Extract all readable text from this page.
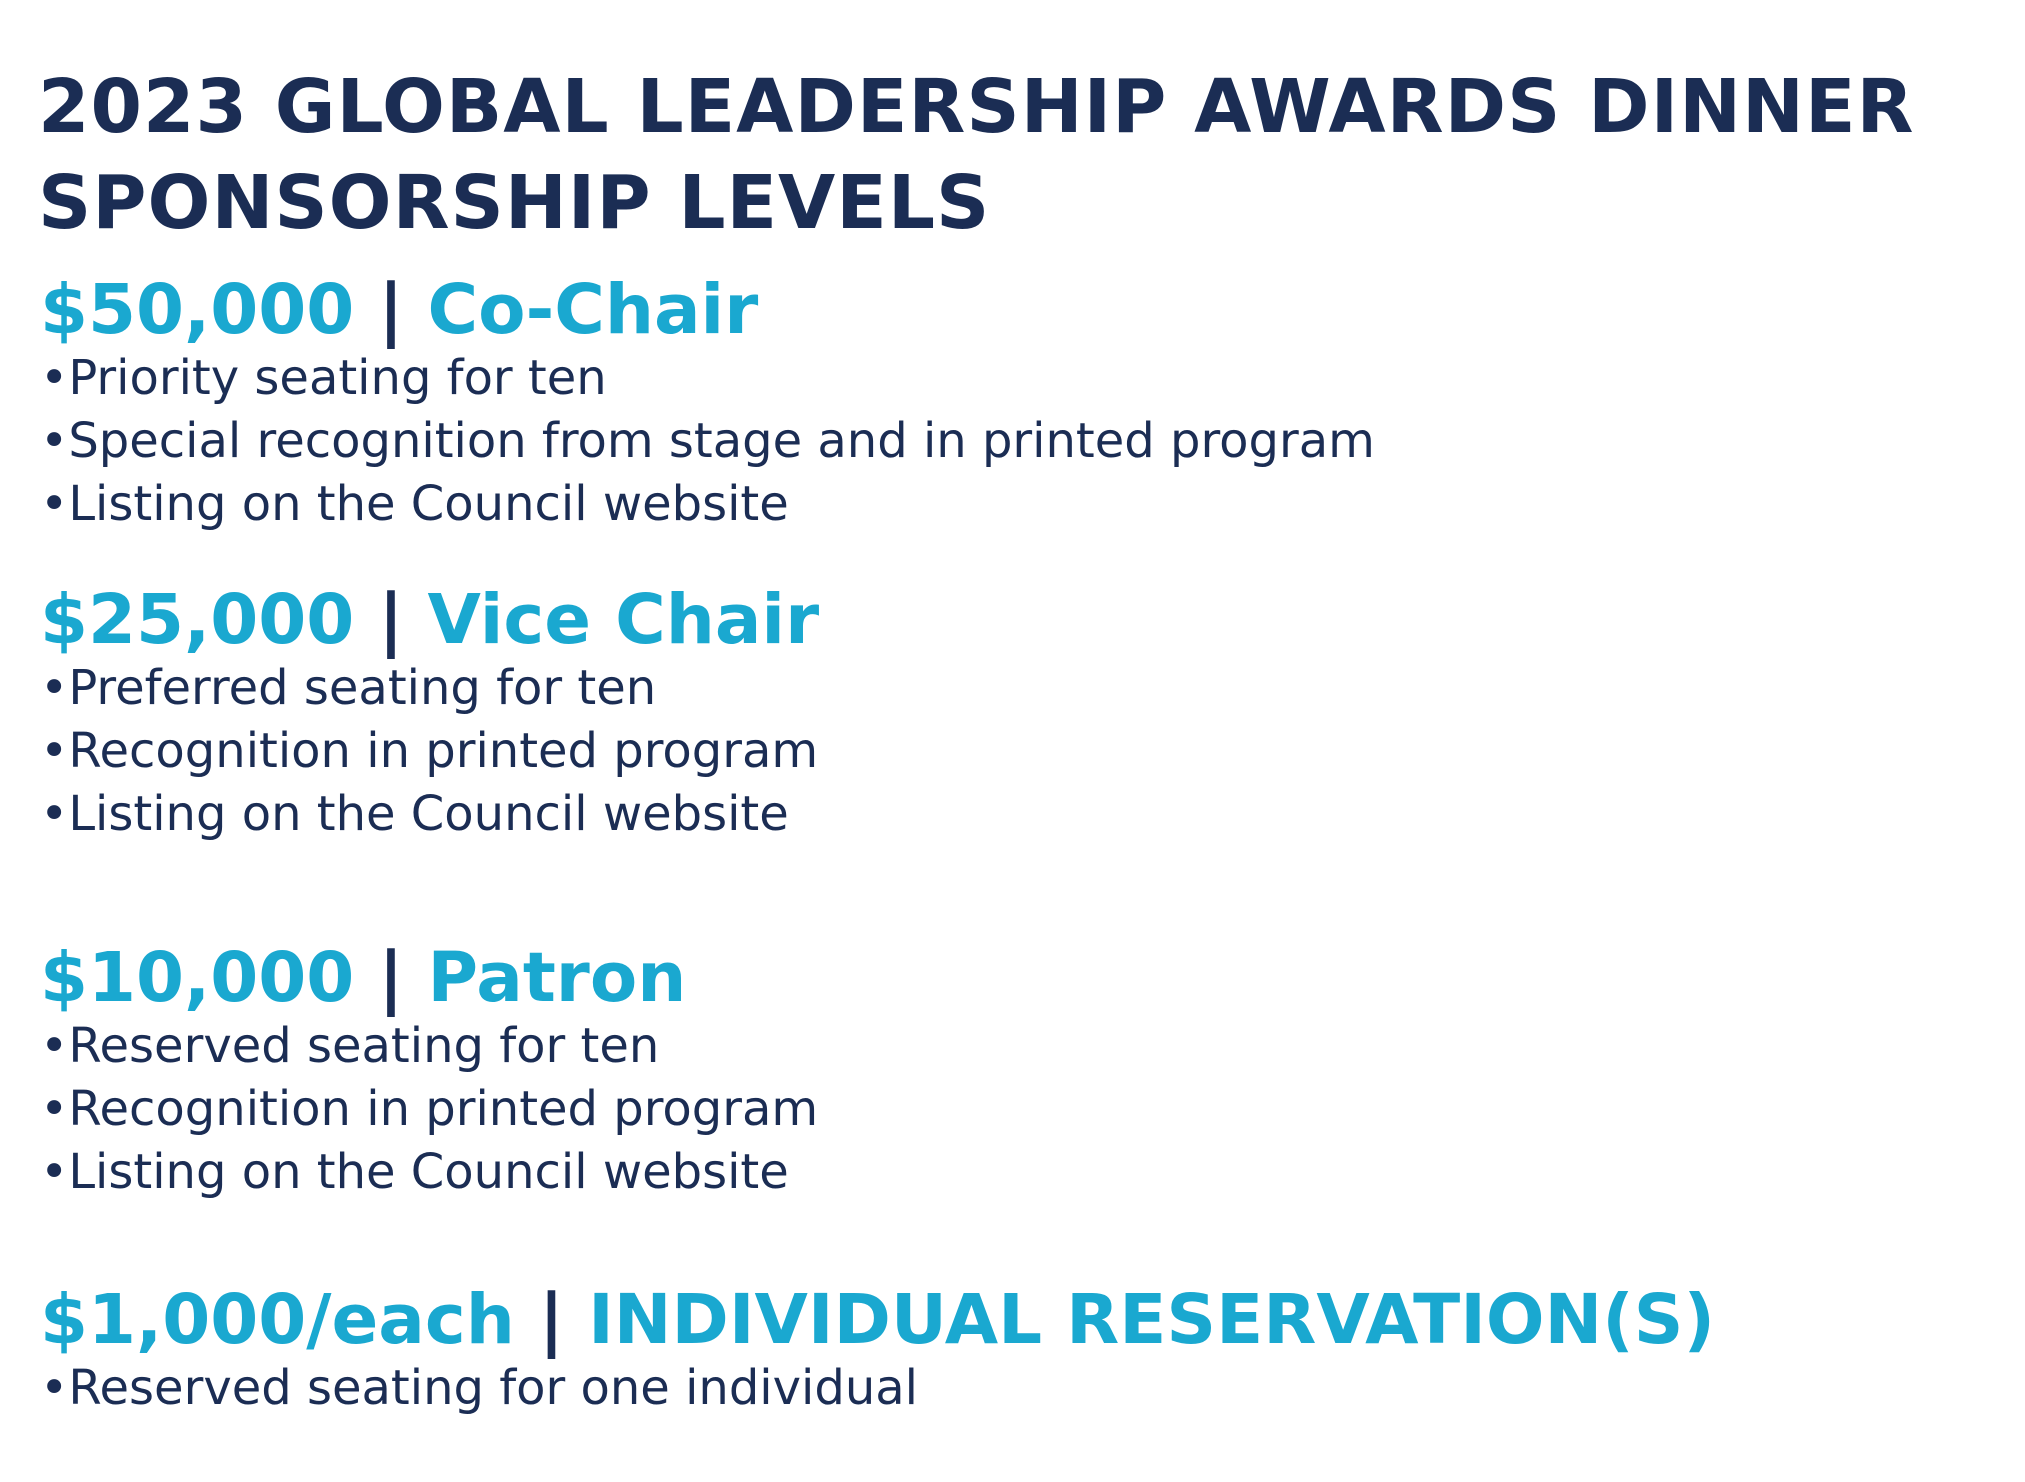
2023 GLOBAL LEADERSHIP AWARDS DINNER
SPONSORSHIP LEVELS
$50,000 | Co-Chair
•Priority seating for ten
•Special recognition from stage and in printed program
•Listing on the Council website
$25,000 | Vice Chair
•Preferred seating for ten
•Recognition in printed program
•Listing on the Council website
$10,000 | Patron
•Reserved seating for ten
•Recognition in printed program
•Listing on the Council website
$1,000/each | INDIVIDUAL RESERVATION(S)
•Reserved seating for one individual
